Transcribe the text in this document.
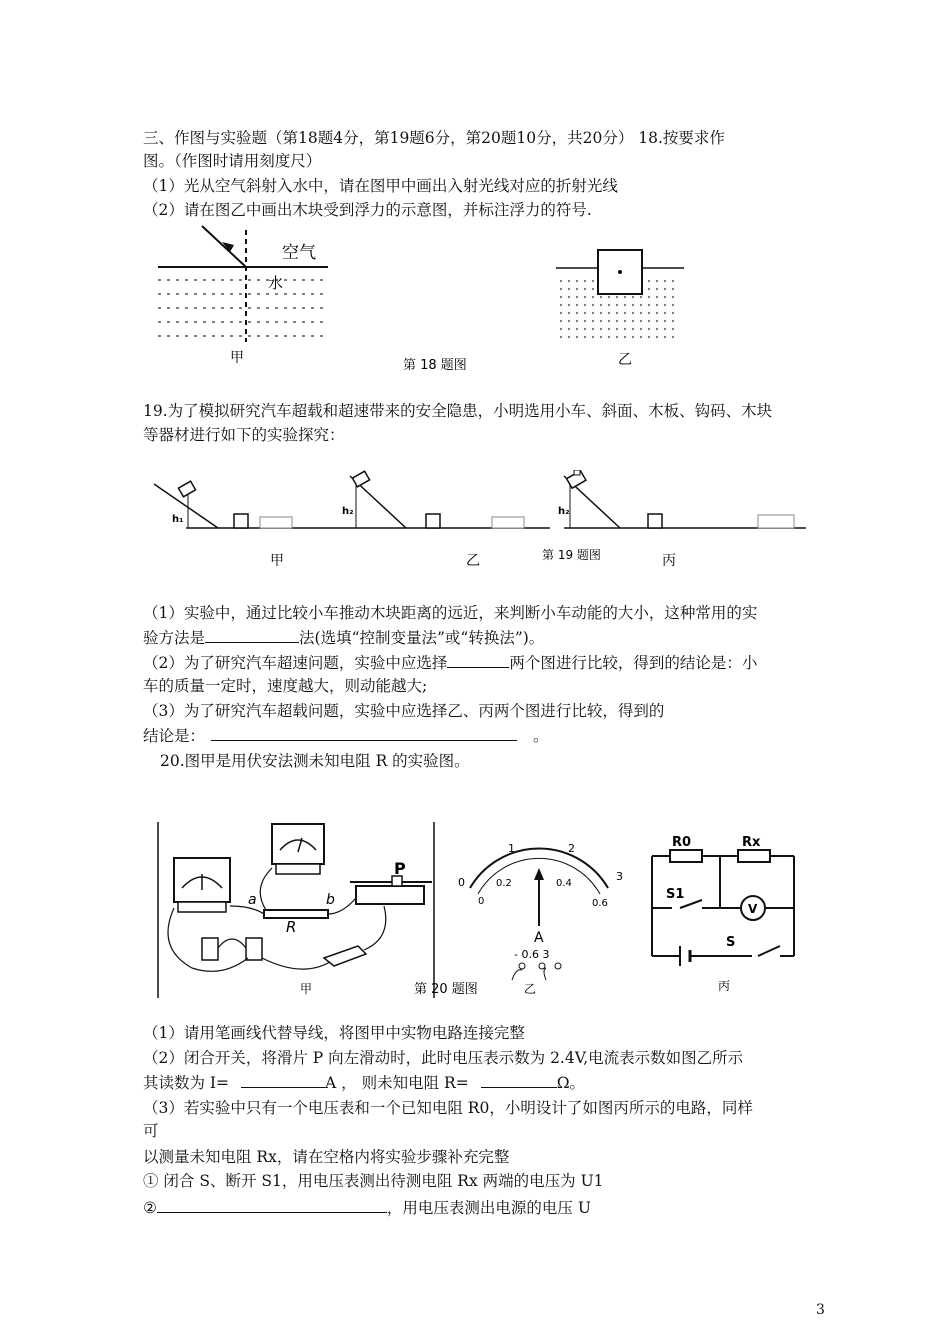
三、作图与实验题（第18题4分，第19题6分，第20题10分，共20分） 18.按要求作
图。（作图时请用刻度尺）
（1）光从空气斜射入水中，请在图甲中画出入射光线对应的折射光线
（2）请在图乙中画出木块受到浮力的示意图，并标注浮力的符号.
空气
水
甲	第 18 题图	乙
19.为了模拟研究汽车超载和超速带来的安全隐患，小明选用小车、斜面、木板、钩码、木块
等器材进行如下的实验探究：
h₁
甲
h₂
乙	第 19 题图
h₂
丙
（1）实验中，通过比较小车推动木块距离的远近，来判断小车动能的大小，这种常用的实
验方法是	法(选填“控制变量法”或“转换法”)。
（2）为了研究汽车超速问题，实验中应选择	两个图进行比较，得到的结论是：小
车的质量一定时，速度越大，则动能越大;
（3）为了研究汽车超载问题，实验中应选择乙、丙两个图进行比较，得到的
结论是：	。
20.图甲是用伏安法测未知电阻 R 的实验图。
a	b
R
P
甲	第 20 题图
0
1	2
3
0
0.2	0.4
0.6
A
- 0.6 3
乙
V
R0	Rx
S1
S
丙
（1）请用笔画线代替导线，将图甲中实物电路连接完整
（2）闭合开关，将滑片 P 向左滑动时，此时电压表示数为 2.4V,电流表示数如图乙所示
其读数为 I=	A ， 则未知电阻 R=	Ω。
（3）若实验中只有一个电压表和一个已知电阻 R0，小明设计了如图丙所示的电路，同样
可
以测量未知电阻 Rx，请在空格内将实验步骤补充完整
① 闭合 S、断开 S1，用电压表测出待测电阻 Rx 两端的电压为 U1
②	，用电压表测出电源的电压 U
3
